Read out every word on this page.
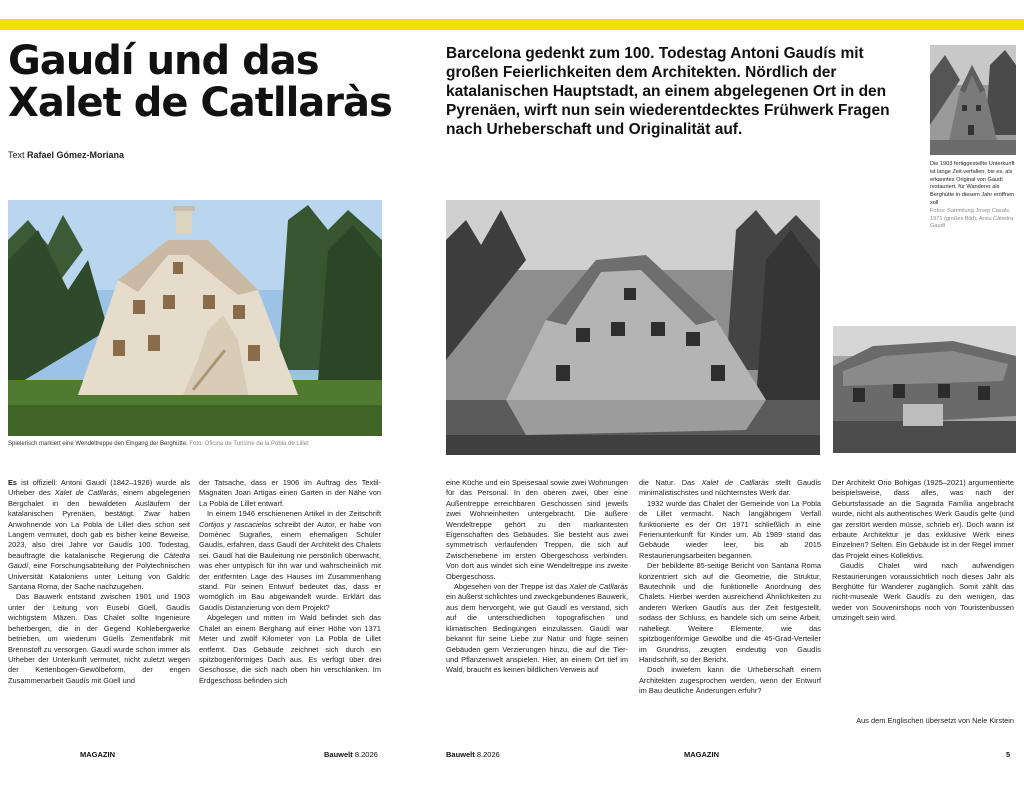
Gaudí und das Xalet de Catllaràs
Text Rafael Gómez-Moriana
Spielerisch markiert eine Wendeltreppe den Eingang der Berghütte. Foto: Oficina de Turisme de la Pobla de Lillet

Es ist offiziell: Antoni Gaudí (1842–1926) wurde als Urheber des Xalet de Catllaràs, einem abgelegenen Bergchalet in den bewaldeten Ausläufern der katalanischen Pyrenäen, bestätigt. Zwar haben Anwohnende von La Pobla de Lillet dies schon seit Langem vermutet, doch gab es bisher keine Beweise. 2023, also drei Jahre vor Gaudís 100. Todestag, beauftragte die katalanische Regierung die Càtedra Gaudí, eine Forschungsabteilung der Polytechnischen Universität Kataloniens unter Leitung von Galdric Santana Roma, der Sache nachzugehen.

Das Bauwerk entstand zwischen 1901 und 1903 unter der Leitung von Eusebi Güell, Gaudís wichtigstem Mäzen. Das Chalet sollte Ingenieure beherbergen, die in der Gegend Kohlebergwerke betrieben, um wiederum Güells Zementfabrik mit Brennstoff zu versorgen. Gaudí wurde schon immer als Urheber der Unterkunft vermutet, nicht zuletzt wegen der Kettenbogen-Gewölbeform, der engen Zusammenarbeit Gaudís mit Güell und

der Tatsache, dass er 1906 im Auftrag des Textil-Magnaten Joan Artigas einen Garten in der Nähe von La Pobla de Lillet entwarf.

In einem 1946 erschienenen Artikel in der Zeitschrift Cortijos y rascacielos schreibt der Autor, er habe von Domènec Sugrañes, einem ehemaligen Schüler Gaudís, erfahren, dass Gaudí der Architekt des Chalets sei. Gaudí hat die Bauleitung nie persönlich überwacht, was eher untypisch für ihn war und wahrscheinlich mit der entfernten Lage des Hauses im Zusammenhang stand. Für seinen Entwurf bedeutet das, dass er womöglich im Bau abgewandelt wurde. Erklärt das Gaudís Distanzierung von dem Projekt?

Abgelegen und mitten im Wald befindet sich das Chalet an einem Berghang auf einer Höhe von 1371 Meter und zwölf Kilometer von La Pobla de Lillet entfernt. Das Gebäude zeichnet sich durch ein spitzbogenförmiges Dach aus. Es verfügt über drei Geschosse, die sich nach oben hin verschlanken. Im Erdgeschoss befinden sich

MAGAZIN	Bauwelt 8.2026
Barcelona gedenkt zum 100. Todestag Antoni Gaudís mit großen Feierlichkeiten dem Architekten. Nördlich der katalanischen Hauptstadt, an einem abgelegenen Ort in den Pyrenäen, wirft nun sein wiederentdecktes Frühwerk Fragen nach Urheberschaft und Originalität auf.
Die 1903 fertiggestellte Unterkunft ist lange Zeit verfallen, bis es, als erkanntes Original von Gaudí restauriert, für Wanderer als Berghütte in diesem Jahr eröffnen soll
Fotos: Sammlung Josep Casals, 1971 (großes Bild), Arxiu Càtedra Gaudí

eine Küche und ein Speisesaal sowie zwei Wohnungen für das Personal. In den oberen zwei, über eine Außentreppe erreichbaren Geschossen sind jeweils zwei Wohneinheiten untergebracht. Die äußere Wendeltreppe gehört zu den markantesten Eigenschaften des Gebäudes. Sie besteht aus zwei symmetrisch verlaufenden Treppen, die sich auf Zwischenebene im ersten Obergeschoss verbinden. Von dort aus windet sich eine Wendeltreppe ins zweite Obergeschoss.

Abgesehen von der Treppe ist das Xalet de Catllaràs ein äußerst schlichtes und zweckgebundenes Bauwerk, aus dem hervorgeht, wie gut Gaudí es verstand, sich auf die unterschiedlichen topografischen und klimatischen Bedingungen einzulassen. Gaudí war bekannt für seine Liebe zur Natur und fügte seinen Gebäuden gern Verzierungen hinzu, die auf die Tier- und Pflanzenwelt anspielen. Hier, an einem Ort tief im Wald, braucht es keinen bildlichen Verweis auf

die Natur. Das Xalet de Catllaràs stellt Gaudís minimalistischstes und nüchternstes Werk dar.

1932 wurde das Chalet der Gemeinde von La Pobla de Lillet vermacht. Nach langjährigem Verfall funktionierte es der Ort 1971 schließlich in eine Ferienunterkunft für Kinder um. Ab 1989 stand das Gebäude wieder leer, bis ab 2015 Restaurierungsarbeiten begannen.

Der bebilderte 85-seitige Bericht von Santana Roma konzentriert sich auf die Geometrie, die Struktur, Bautechnik und die funktionelle Anordnung des Chalets. Hierbei werden ausreichend Ähnlichkeiten zu anderen Werken Gaudís aus der Zeit festgestellt, sodass der Schluss, es handele sich um seine Arbeit, naheliegt. Weitere Elemente, wie das spitzbogenförmige Gewölbe und die 45-Grad-Verteiler im Grundriss, zeugten eindeutig von Gaudís Handschrift, so der Bericht.

Doch inwiefern kann die Urheberschaft einem Architekten zugesprochen werden, wenn der Entwurf im Bau deutliche Änderungen erfuhr?

Der Architekt Orio Bohigas (1925–2021) argumentierte beispielsweise, dass alles, was nach der Geburtsfassade an die Sagrada Família angebracht wurde, nicht als authentisches Werk Gaudís gelte (und gar zerstört werden müsse, schrieb er). Doch wann ist erbaute Architektur je das exklusive Werk eines Einzelnen? Selten. Ein Gebäude ist in der Regel immer das Projekt eines Kollektivs.

Gaudís Chalet wird nach aufwendigen Restaurierungen voraussichtlich noch dieses Jahr als Berghütte für Wanderer zugänglich. Somit zählt das nicht-museale Werk Gaudís zu den wenigen, das weder von Souvenirshops noch von Touristenbussen umzingelt sein wird.

Aus dem Englischen übersetzt von Nele Kirstein
Bauwelt 8.2026	MAGAZIN	5
